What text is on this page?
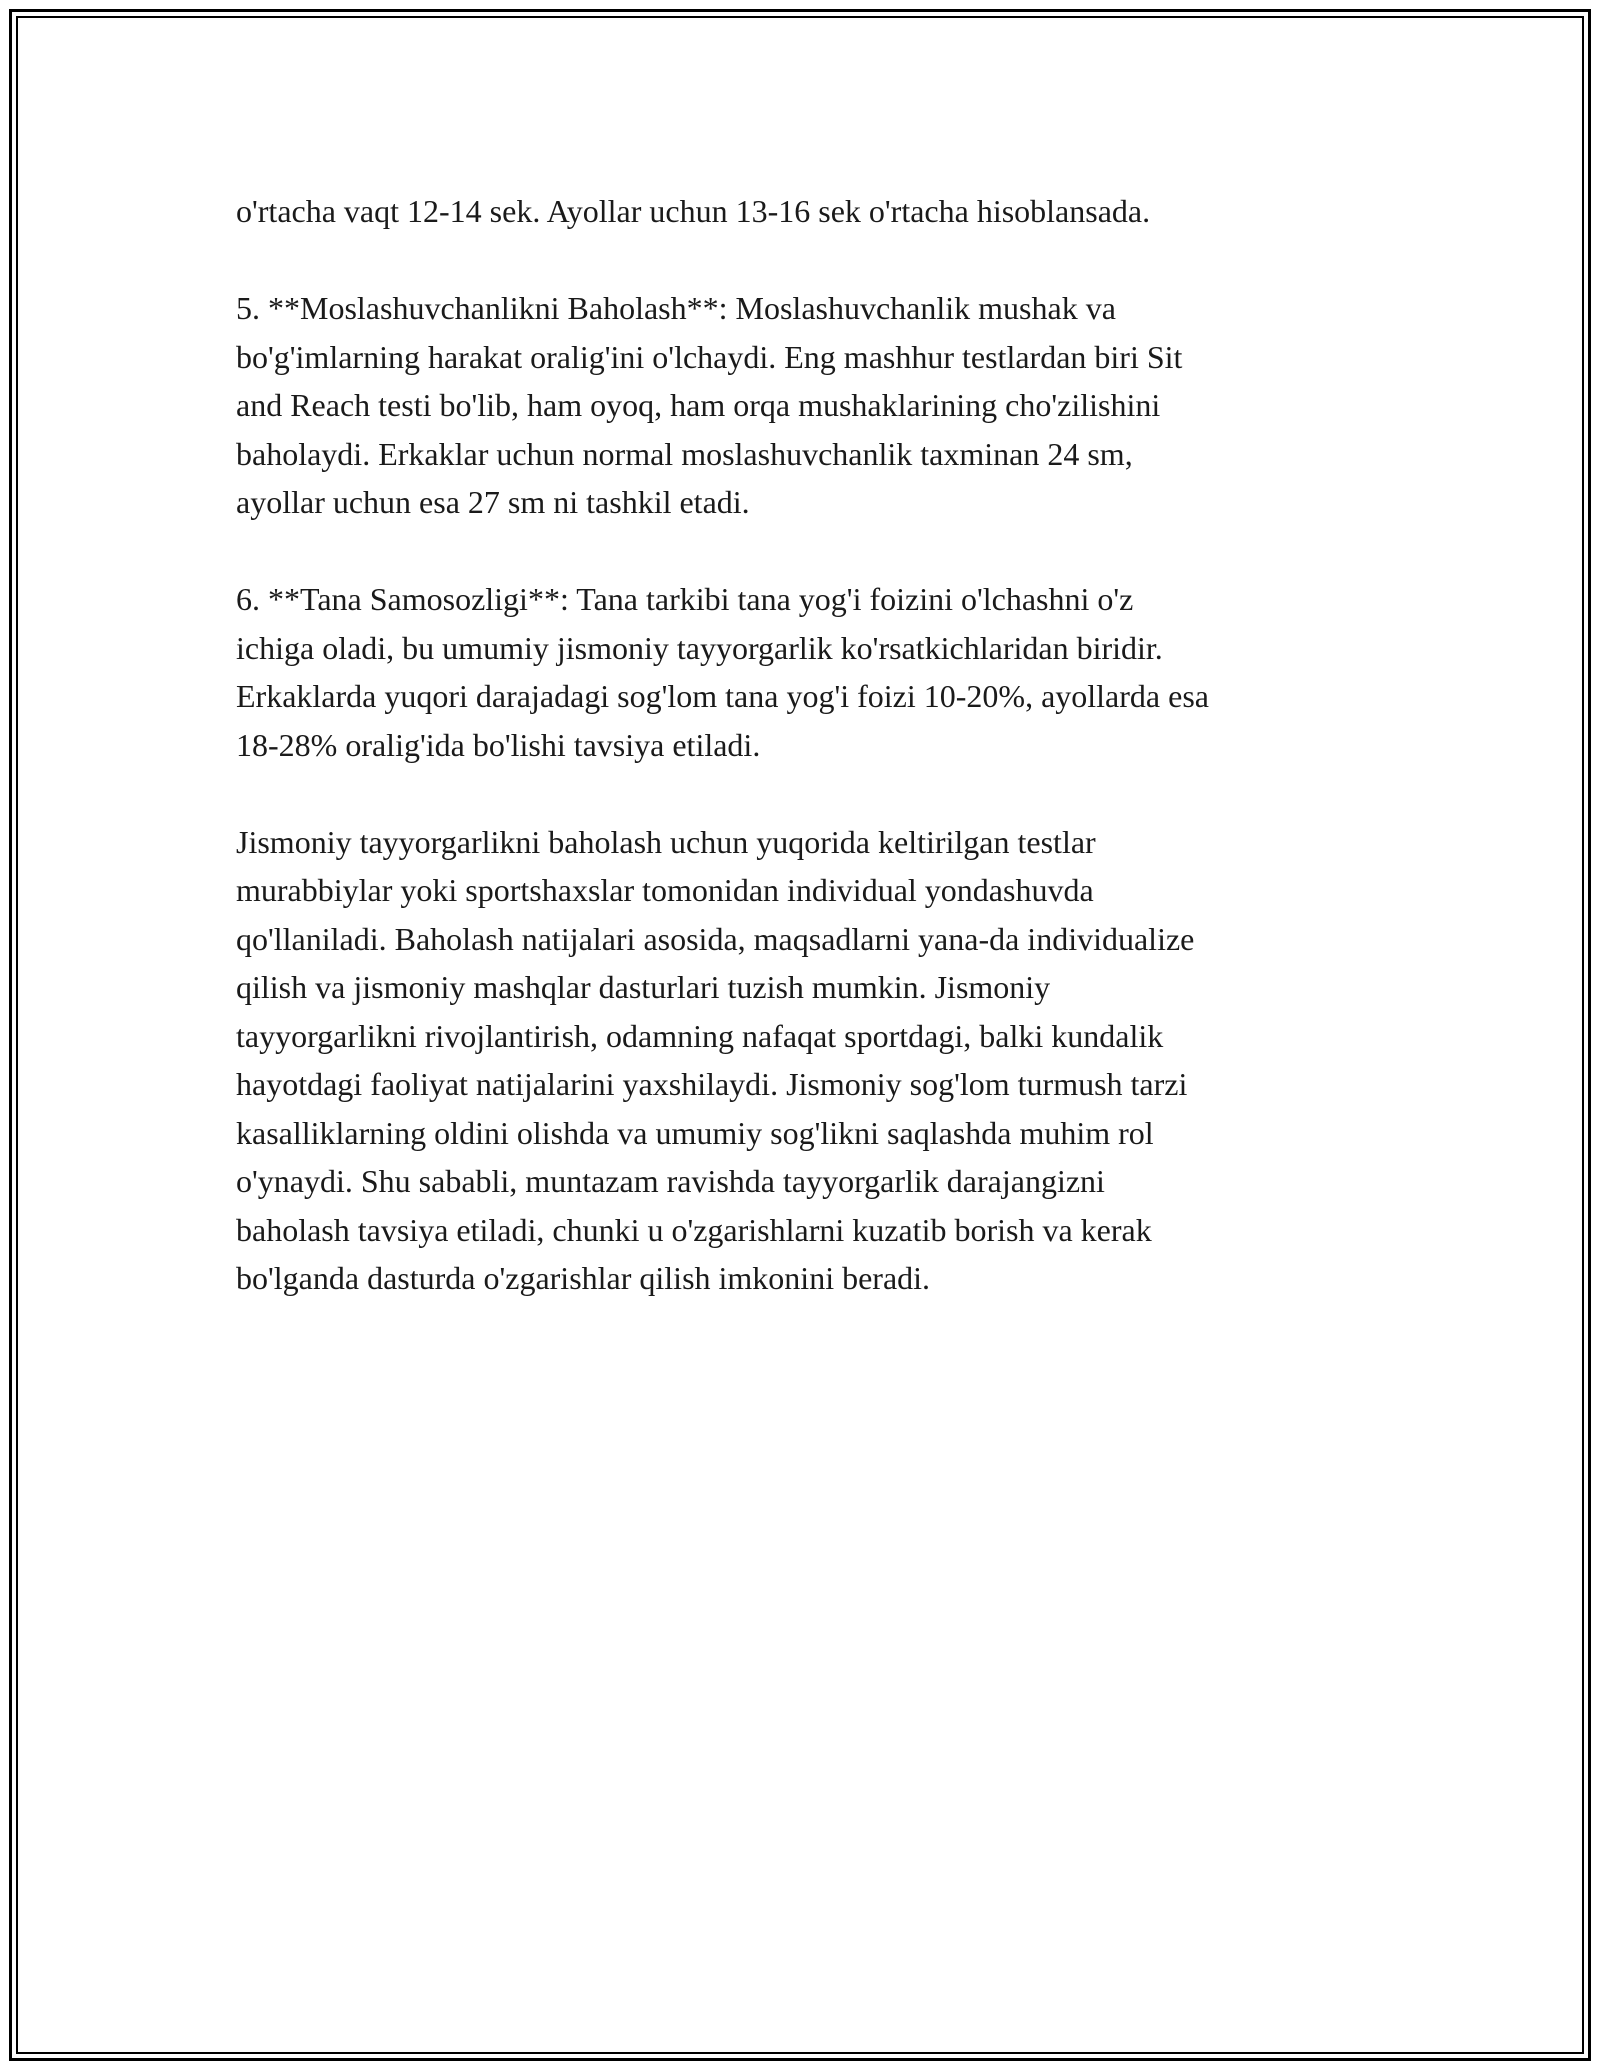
o'rtacha vaqt 12-14 sek. Ayollar uchun 13-16 sek o'rtacha hisoblansada.

5. **Moslashuvchanlikni Baholash**: Moslashuvchanlik mushak va
bo'g'imlarning harakat oralig'ini o'lchaydi. Eng mashhur testlardan biri Sit
and Reach testi bo'lib, ham oyoq, ham orqa mushaklarining cho'zilishini
baholaydi. Erkaklar uchun normal moslashuvchanlik taxminan 24 sm,
ayollar uchun esa 27 sm ni tashkil etadi.

6. **Tana Samosozligi**: Tana tarkibi tana yog'i foizini o'lchashni o'z
ichiga oladi, bu umumiy jismoniy tayyorgarlik ko'rsatkichlaridan biridir.
Erkaklarda yuqori darajadagi sog'lom tana yog'i foizi 10-20%, ayollarda esa
18-28% oralig'ida bo'lishi tavsiya etiladi.

Jismoniy tayyorgarlikni baholash uchun yuqorida keltirilgan testlar
murabbiylar yoki sportshaxslar tomonidan individual yondashuvda
qo'llaniladi. Baholash natijalari asosida, maqsadlarni yana-da individualize
qilish va jismoniy mashqlar dasturlari tuzish mumkin. Jismoniy
tayyorgarlikni rivojlantirish, odamning nafaqat sportdagi, balki kundalik
hayotdagi faoliyat natijalarini yaxshilaydi. Jismoniy sog'lom turmush tarzi
kasalliklarning oldini olishda va umumiy sog'likni saqlashda muhim rol
o'ynaydi. Shu sababli, muntazam ravishda tayyorgarlik darajangizni
baholash tavsiya etiladi, chunki u o'zgarishlarni kuzatib borish va kerak
bo'lganda dasturda o'zgarishlar qilish imkonini beradi.
